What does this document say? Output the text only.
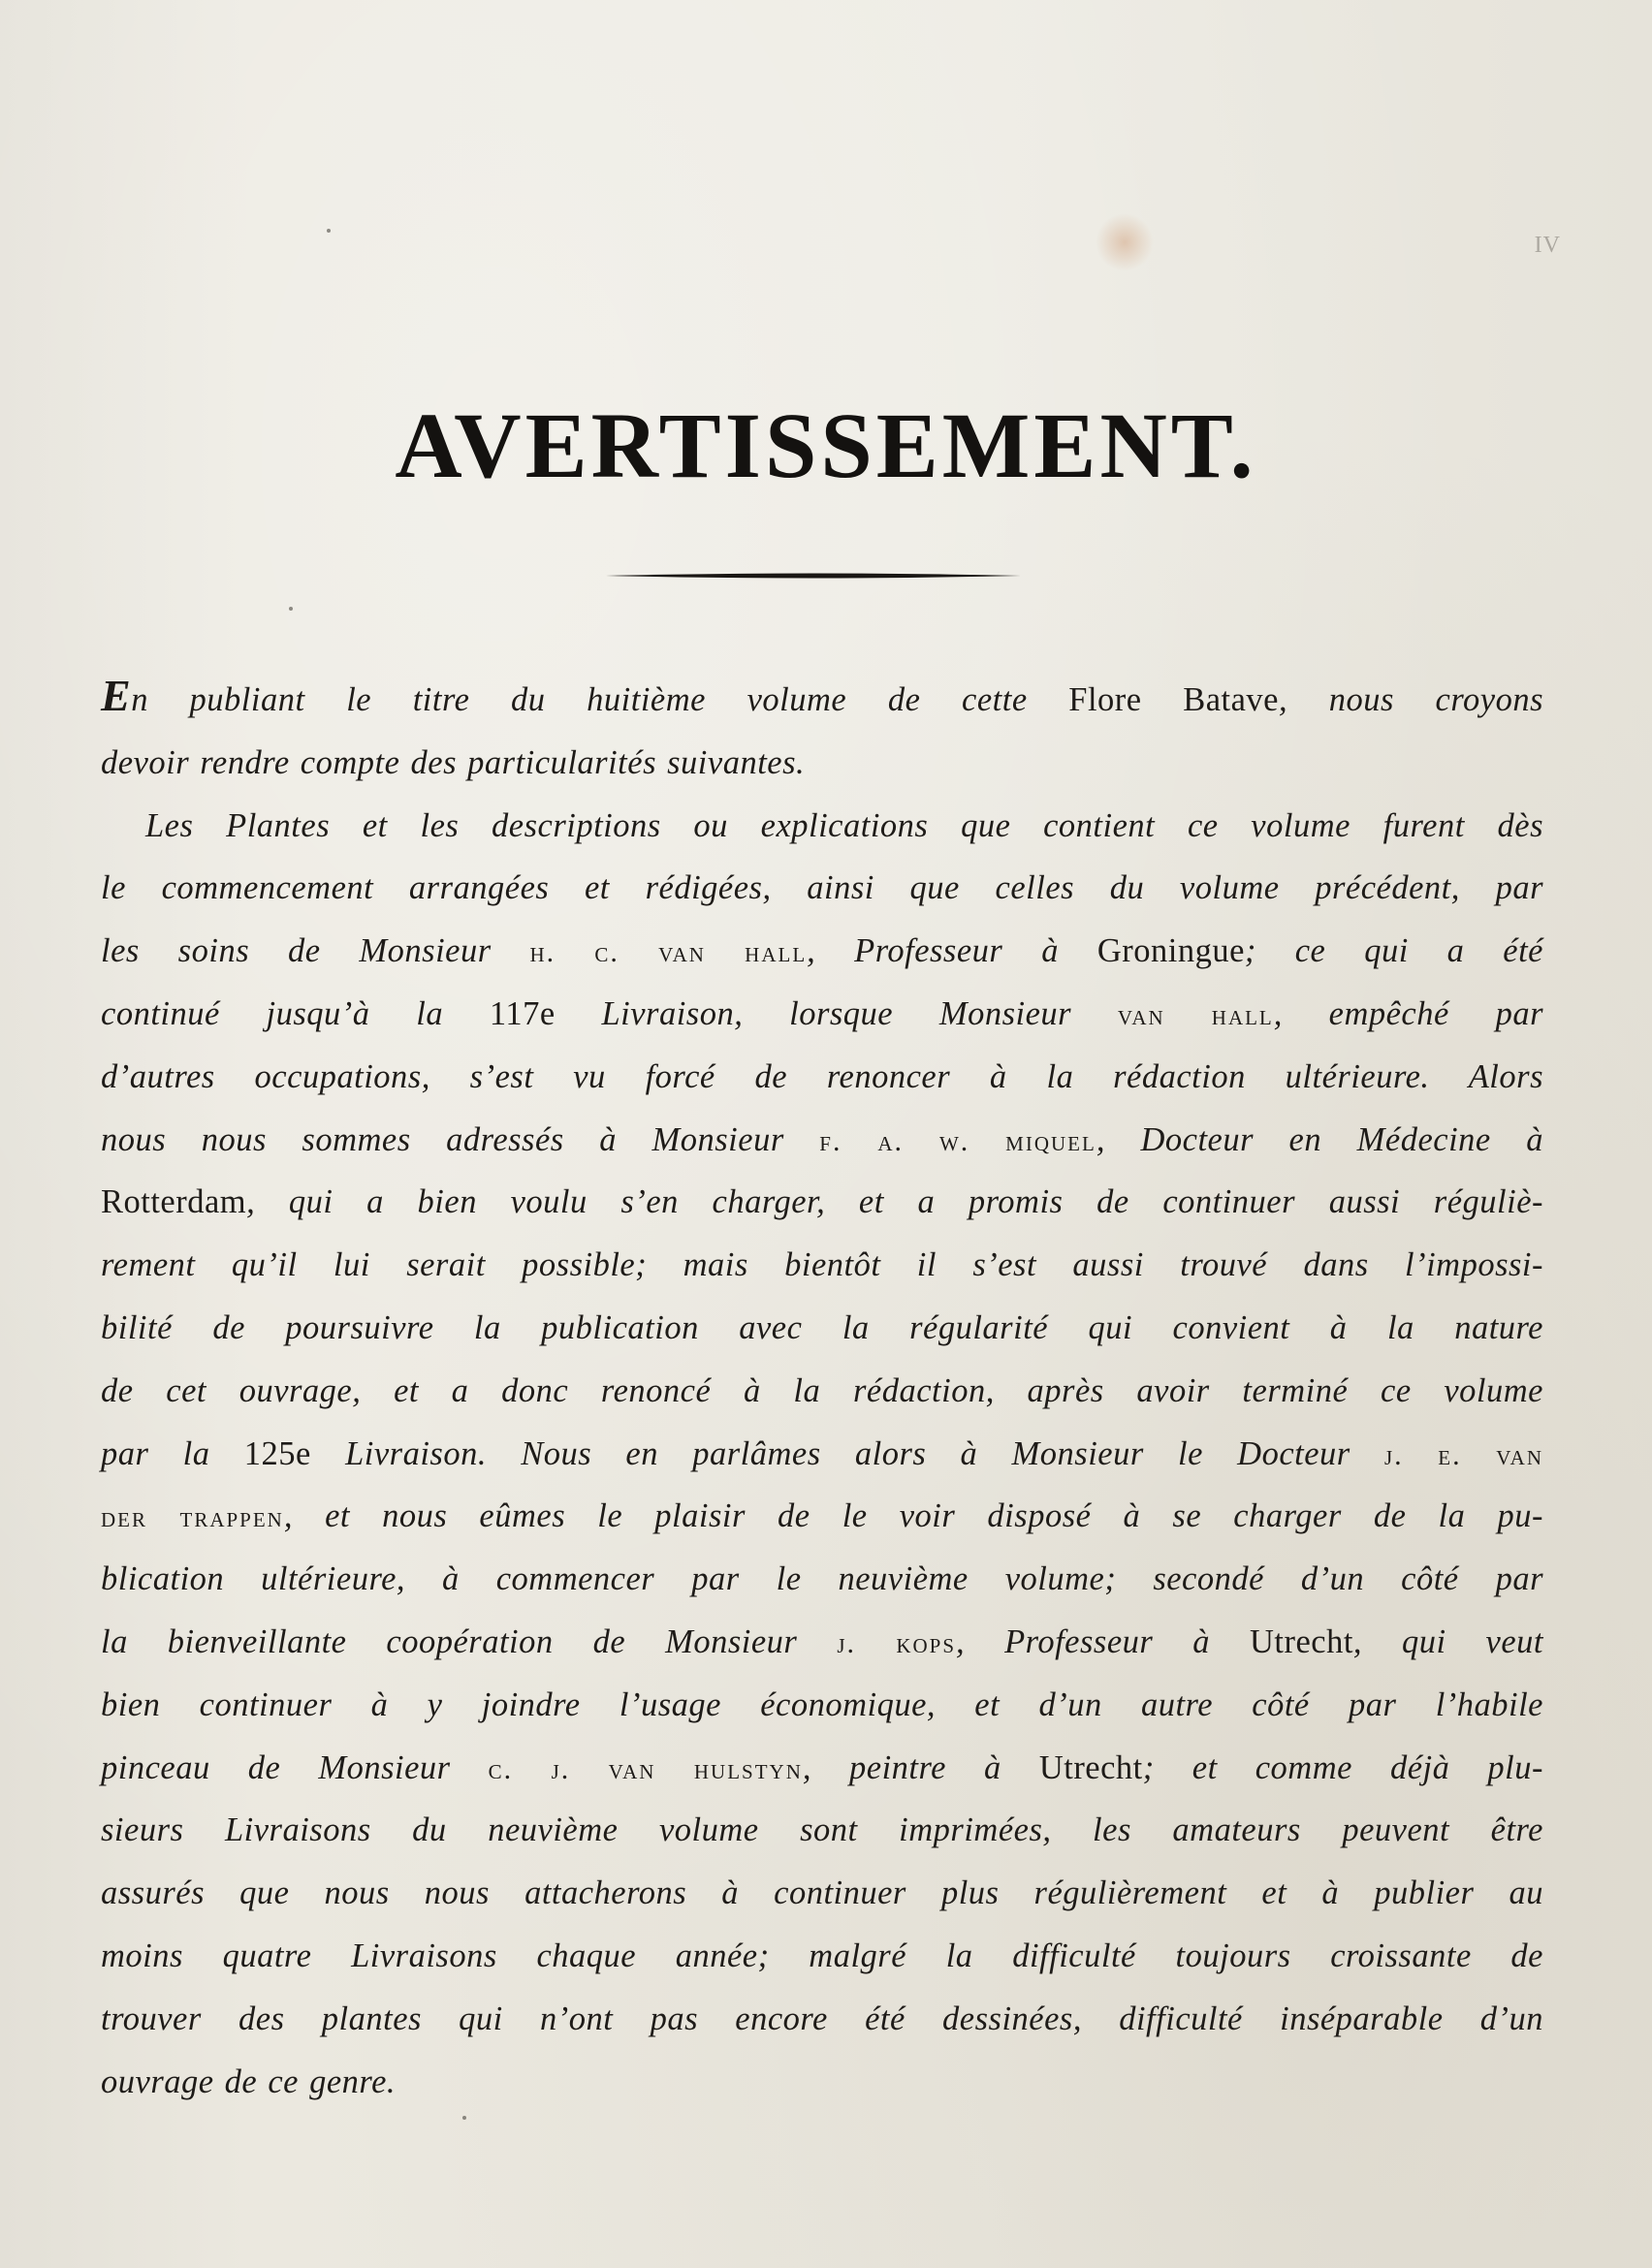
IV
AVERTISSEMENT.
En publiant le titre du huitième volume de cette Flore Batave, nous croyons
devoir rendre compte des particularités suivantes.
Les Plantes et les descriptions ou explications que contient ce volume furent dès
le commencement arrangées et rédigées, ainsi que celles du volume précédent, par
les soins de Monsieur h. c. van hall, Professeur à Groningue; ce qui a été
continué jusqu’à la 117e Livraison, lorsque Monsieur van hall, empêché par
d’autres occupations, s’est vu forcé de renoncer à la rédaction ultérieure. Alors
nous nous sommes adressés à Monsieur f. a. w. miquel, Docteur en Médecine à
Rotterdam, qui a bien voulu s’en charger, et a promis de continuer aussi réguliè-
rement qu’il lui serait possible; mais bientôt il s’est aussi trouvé dans l’impossi-
bilité de poursuivre la publication avec la régularité qui convient à la nature
de cet ouvrage, et a donc renoncé à la rédaction, après avoir terminé ce volume
par la 125e Livraison. Nous en parlâmes alors à Monsieur le Docteur j. e. van
der trappen, et nous eûmes le plaisir de le voir disposé à se charger de la pu-
blication ultérieure, à commencer par le neuvième volume; secondé d’un côté par
la bienveillante coopération de Monsieur j. kops, Professeur à Utrecht, qui veut
bien continuer à y joindre l’usage économique, et d’un autre côté par l’habile
pinceau de Monsieur c. j. van hulstyn, peintre à Utrecht; et comme déjà plu-
sieurs Livraisons du neuvième volume sont imprimées, les amateurs peuvent être
assurés que nous nous attacherons à continuer plus régulièrement et à publier au
moins quatre Livraisons chaque année; malgré la difficulté toujours croissante de
trouver des plantes qui n’ont pas encore été dessinées, difficulté inséparable d’un
ouvrage de ce genre.
